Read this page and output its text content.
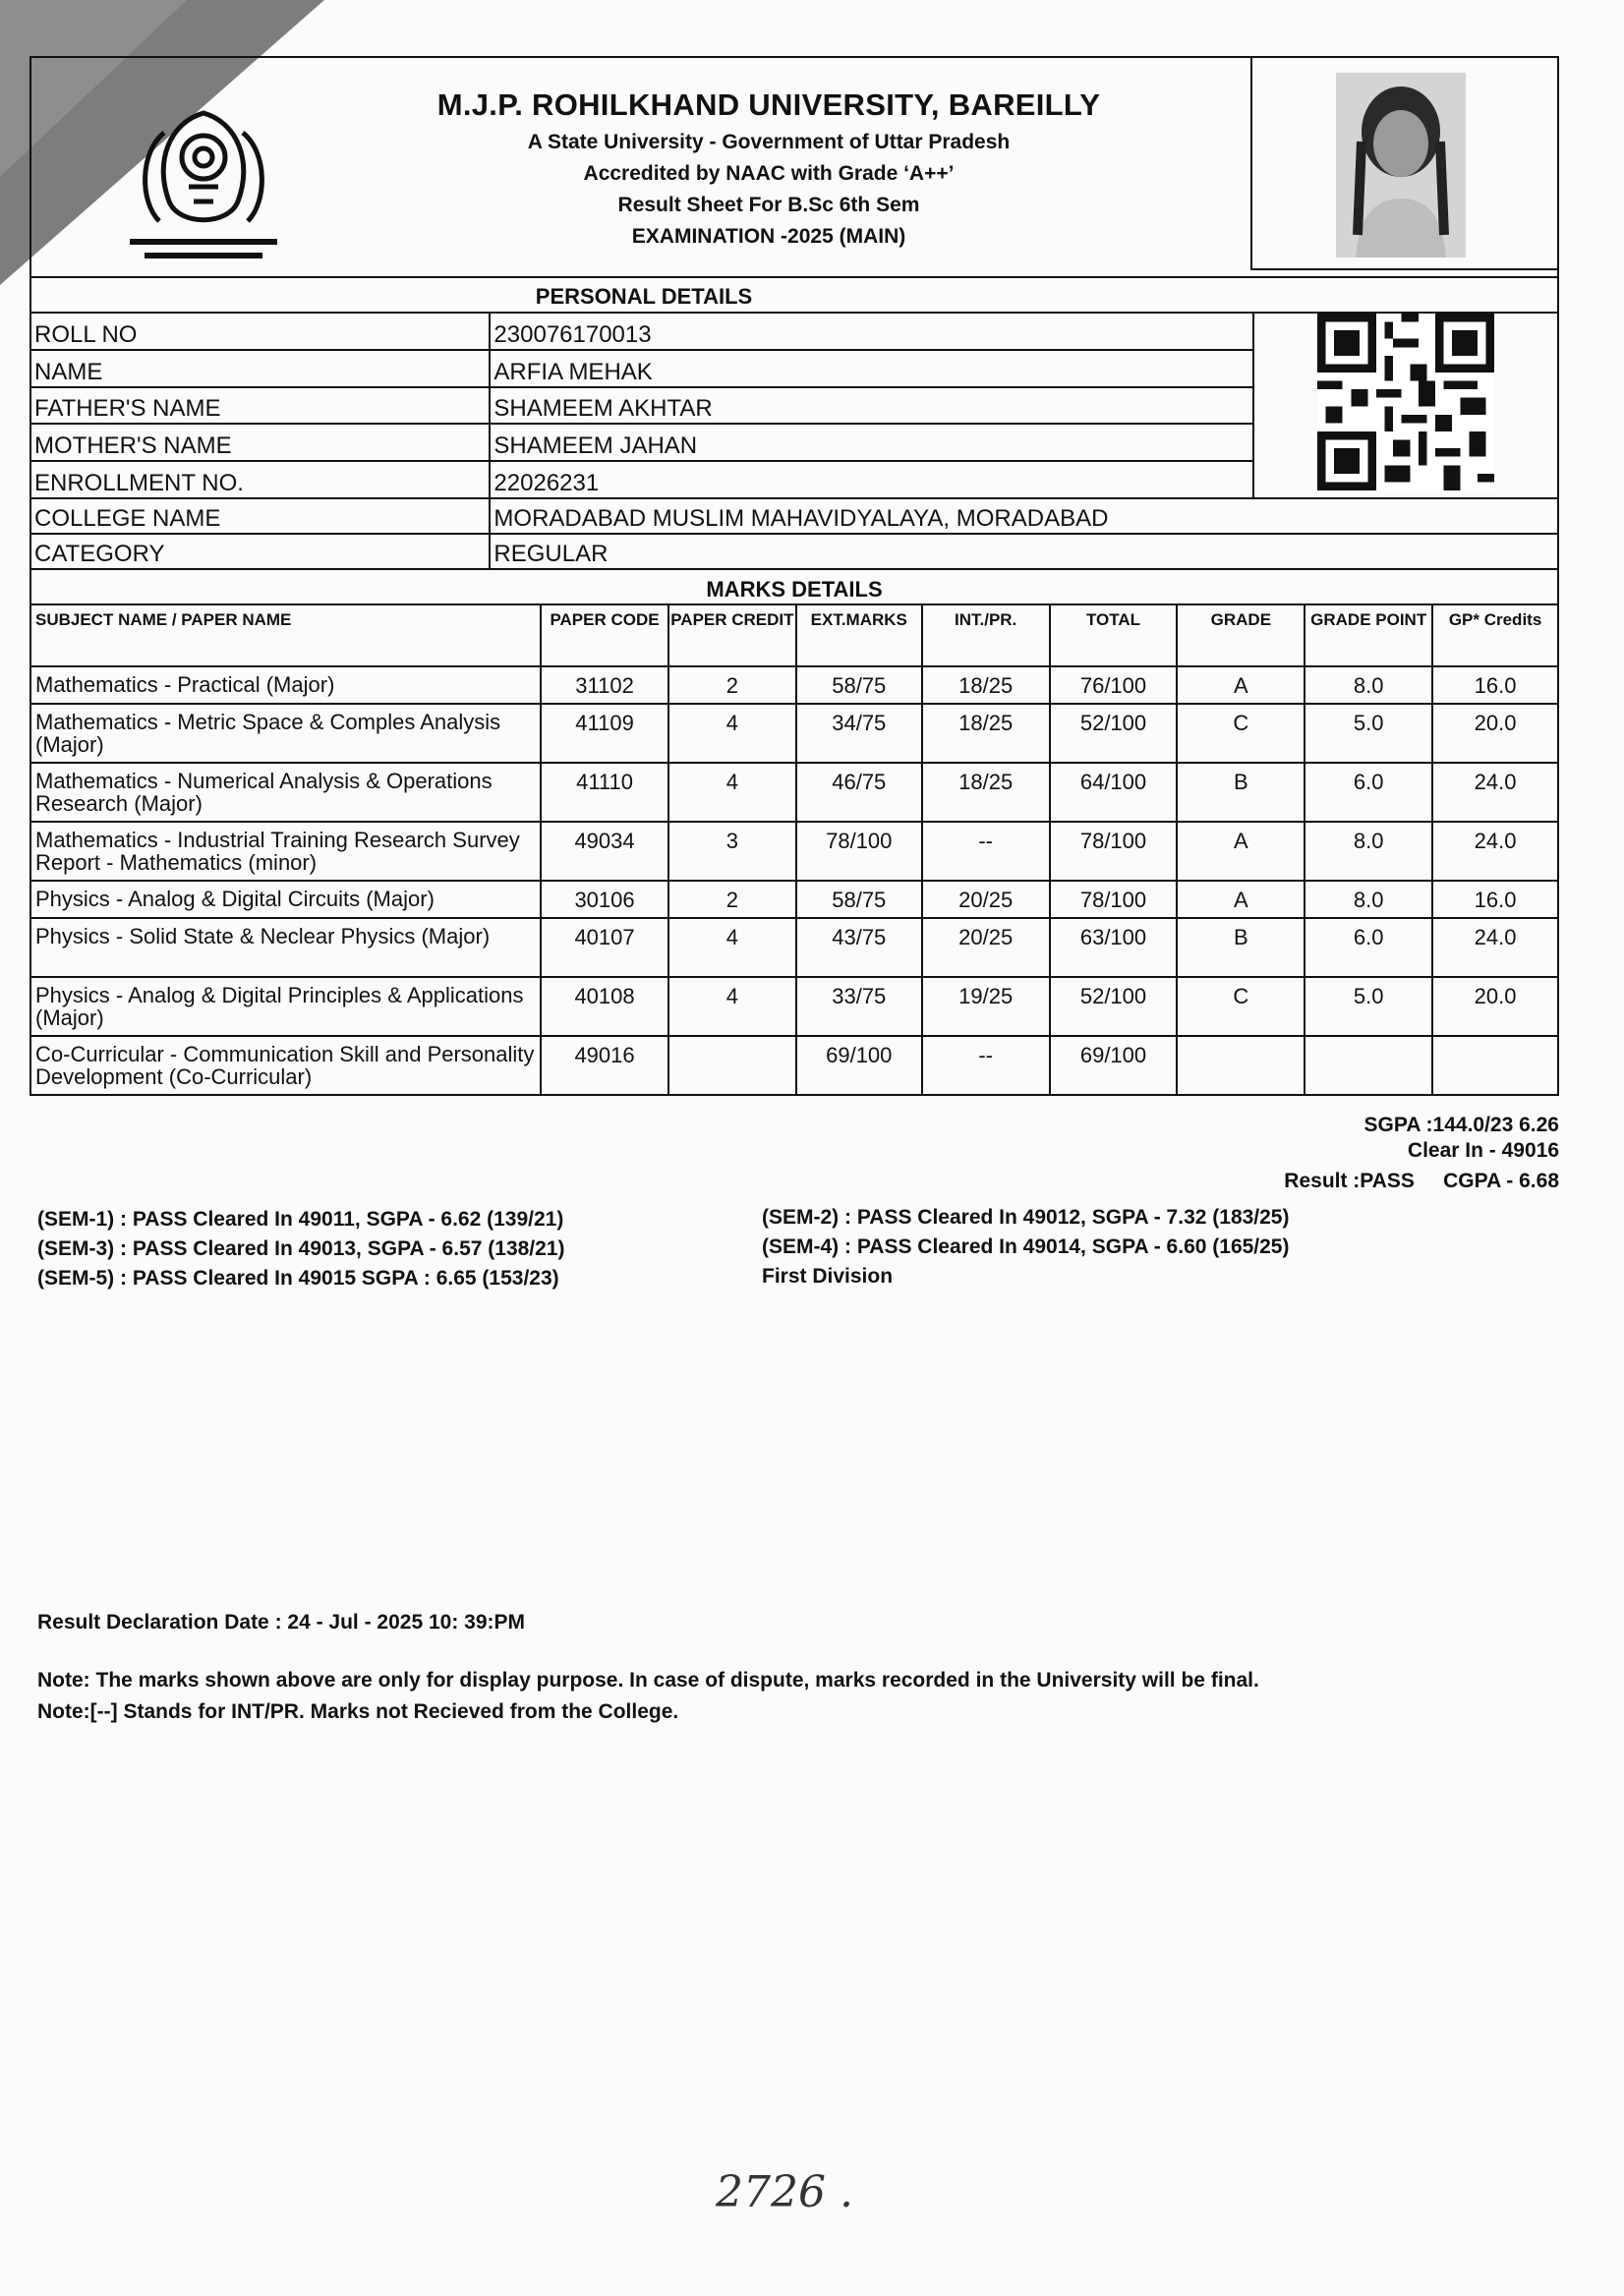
M.J.P. ROHILKHAND UNIVERSITY, BAREILLY
A State University - Government of Uttar Pradesh
Accredited by NAAC with Grade ‘A++’
Result Sheet For B.Sc 6th Sem
EXAMINATION -2025 (MAIN)
PERSONAL DETAILS
ROLL NO	230076170013	
NAME	ARFIA MEHAK	
FATHER'S NAME	SHAMEEM AKHTAR	
MOTHER'S NAME	SHAMEEM JAHAN	
ENROLLMENT NO.	22026231	
COLLEGE NAME	MORADABAD MUSLIM MAHAVIDYALAYA, MORADABAD	
CATEGORY	REGULAR	
MARKS DETAILS
SUBJECT NAME / PAPER NAME	PAPER CODE	PAPER CREDIT	EXT.MARKS	INT./PR.	TOTAL	GRADE	GRADE POINT	GP* Credits
Mathematics - Practical (Major)	31102	2	58/75	18/25	76/100	A	8.0	16.0
Mathematics - Metric Space & Comples Analysis (Major)	41109	4	34/75	18/25	52/100	C	5.0	20.0
Mathematics - Numerical Analysis & Operations Research (Major)	41110	4	46/75	18/25	64/100	B	6.0	24.0
Mathematics - Industrial Training Research Survey Report - Mathematics (minor)	49034	3	78/100	--	78/100	A	8.0	24.0
Physics - Analog & Digital Circuits (Major)	30106	2	58/75	20/25	78/100	A	8.0	16.0
Physics - Solid State & Neclear Physics (Major)	40107	4	43/75	20/25	63/100	B	6.0	24.0
Physics - Analog & Digital Principles & Applications (Major)	40108	4	33/75	19/25	52/100	C	5.0	20.0
Co-Curricular - Communication Skill and Personality Development (Co-Curricular)	49016		69/100	--	69/100			
SGPA :144.0/23 6.26
Clear In - 49016
Result :PASS CGPA - 6.68
(SEM-1) : PASS Cleared In 49011, SGPA - 6.62 (139/21)
(SEM-3) : PASS Cleared In 49013, SGPA - 6.57 (138/21)
(SEM-5) : PASS Cleared In 49015 SGPA : 6.65 (153/23)
(SEM-2) : PASS Cleared In 49012, SGPA - 7.32 (183/25)
(SEM-4) : PASS Cleared In 49014, SGPA - 6.60 (165/25)
First Division
Result Declaration Date : 24 - Jul - 2025 10: 39:PM
Note: The marks shown above are only for display purpose. In case of dispute, marks recorded in the University will be final.
Note:[--] Stands for INT/PR. Marks not Recieved from the College.
2726 .
